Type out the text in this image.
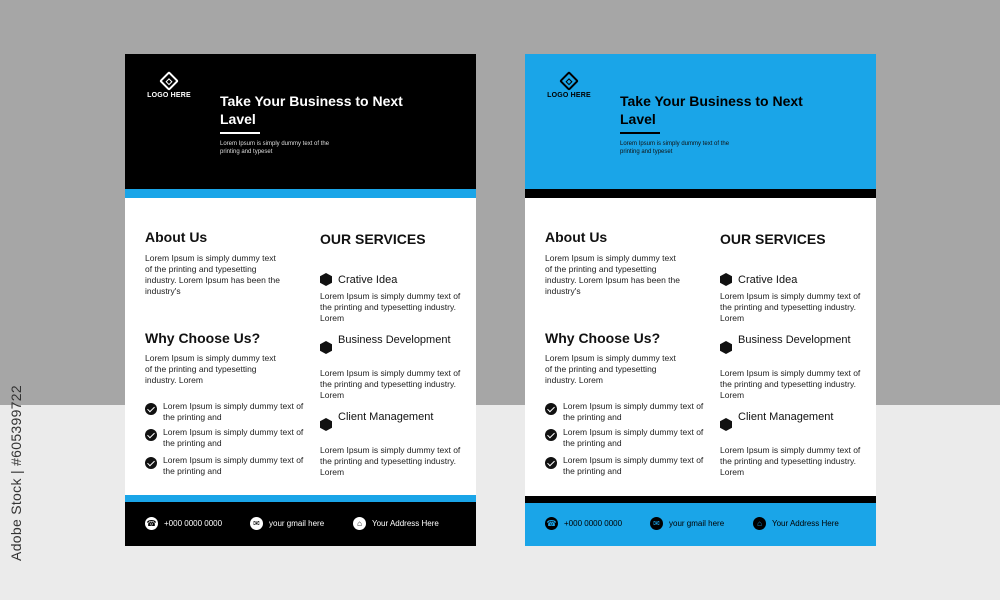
Adobe Stock | #605399722
LOGO HERE	Take Your Business to Next Lavel
Lorem Ipsum is simply dummy text of the printing and typeset
About Us
Lorem Ipsum is simply dummy text of the printing and typesetting industry. Lorem Ipsum has been the industry's
Why Choose Us?
Lorem Ipsum is simply dummy text of the printing and typesetting industry. Lorem
Lorem Ipsum is simply dummy text of the printing and
Lorem Ipsum is simply dummy text of the printing and
Lorem Ipsum is simply dummy text of the printing and
OUR SERVICES
Crative Idea
Lorem Ipsum is simply dummy text of the printing and typesetting industry. Lorem
Business Development
Lorem Ipsum is simply dummy text of the printing and typesetting industry. Lorem
Client Management
Lorem Ipsum is simply dummy text of the printing and typesetting industry. Lorem
☎ +000 0000 0000	✉	your gmail here	⌂	Your Address Here
LOGO HERE	Take Your Business to Next Lavel
Lorem Ipsum is simply dummy text of the printing and typeset
About Us
Lorem Ipsum is simply dummy text of the printing and typesetting industry. Lorem Ipsum has been the industry's
Why Choose Us?
Lorem Ipsum is simply dummy text of the printing and typesetting industry. Lorem
Lorem Ipsum is simply dummy text of the printing and
Lorem Ipsum is simply dummy text of the printing and
Lorem Ipsum is simply dummy text of the printing and
OUR SERVICES
Crative Idea
Lorem Ipsum is simply dummy text of the printing and typesetting industry. Lorem
Business Development
Lorem Ipsum is simply dummy text of the printing and typesetting industry. Lorem
Client Management
Lorem Ipsum is simply dummy text of the printing and typesetting industry. Lorem
☎ +000 0000 0000	✉	your gmail here	⌂	Your Address Here
